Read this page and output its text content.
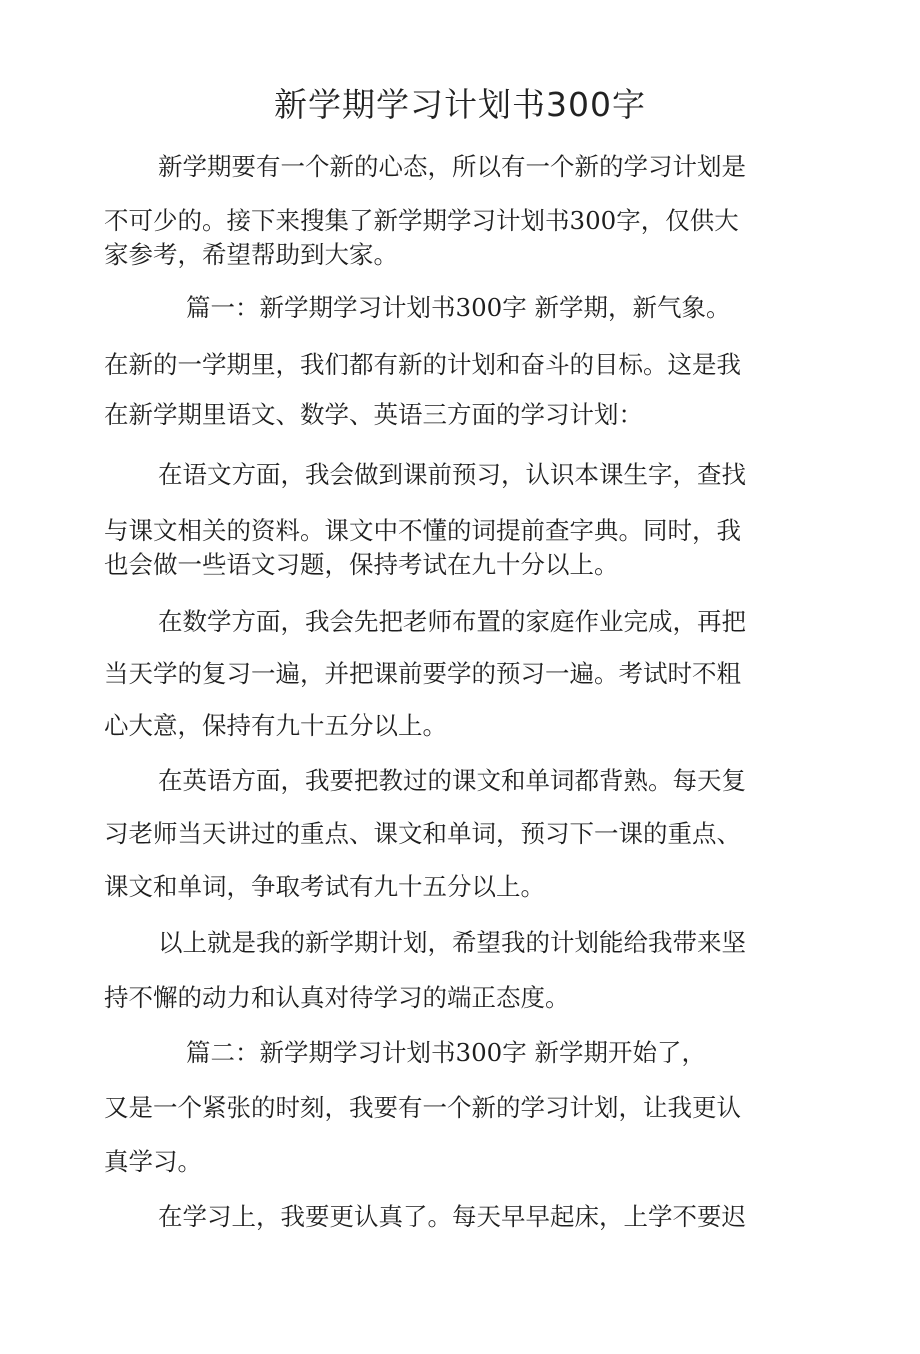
新学期学习计划书300字
新学期要有一个新的心态，所以有一个新的学习计划是
不可少的。接下来搜集了新学期学习计划书300字，仅供大
家参考，希望帮助到大家。
篇一：新学期学习计划书300字 新学期，新气象。
在新的一学期里，我们都有新的计划和奋斗的目标。这是我
在新学期里语文、数学、英语三方面的学习计划：
在语文方面，我会做到课前预习，认识本课生字，查找
与课文相关的资料。课文中不懂的词提前查字典。同时，我
也会做一些语文习题，保持考试在九十分以上。
在数学方面，我会先把老师布置的家庭作业完成，再把
当天学的复习一遍，并把课前要学的预习一遍。考试时不粗
心大意，保持有九十五分以上。
在英语方面，我要把教过的课文和单词都背熟。每天复
习老师当天讲过的重点、课文和单词，预习下一课的重点、
课文和单词，争取考试有九十五分以上。
以上就是我的新学期计划，希望我的计划能给我带来坚
持不懈的动力和认真对待学习的端正态度。
篇二：新学期学习计划书300字 新学期开始了，
又是一个紧张的时刻，我要有一个新的学习计划，让我更认
真学习。
在学习上，我要更认真了。每天早早起床，上学不要迟
